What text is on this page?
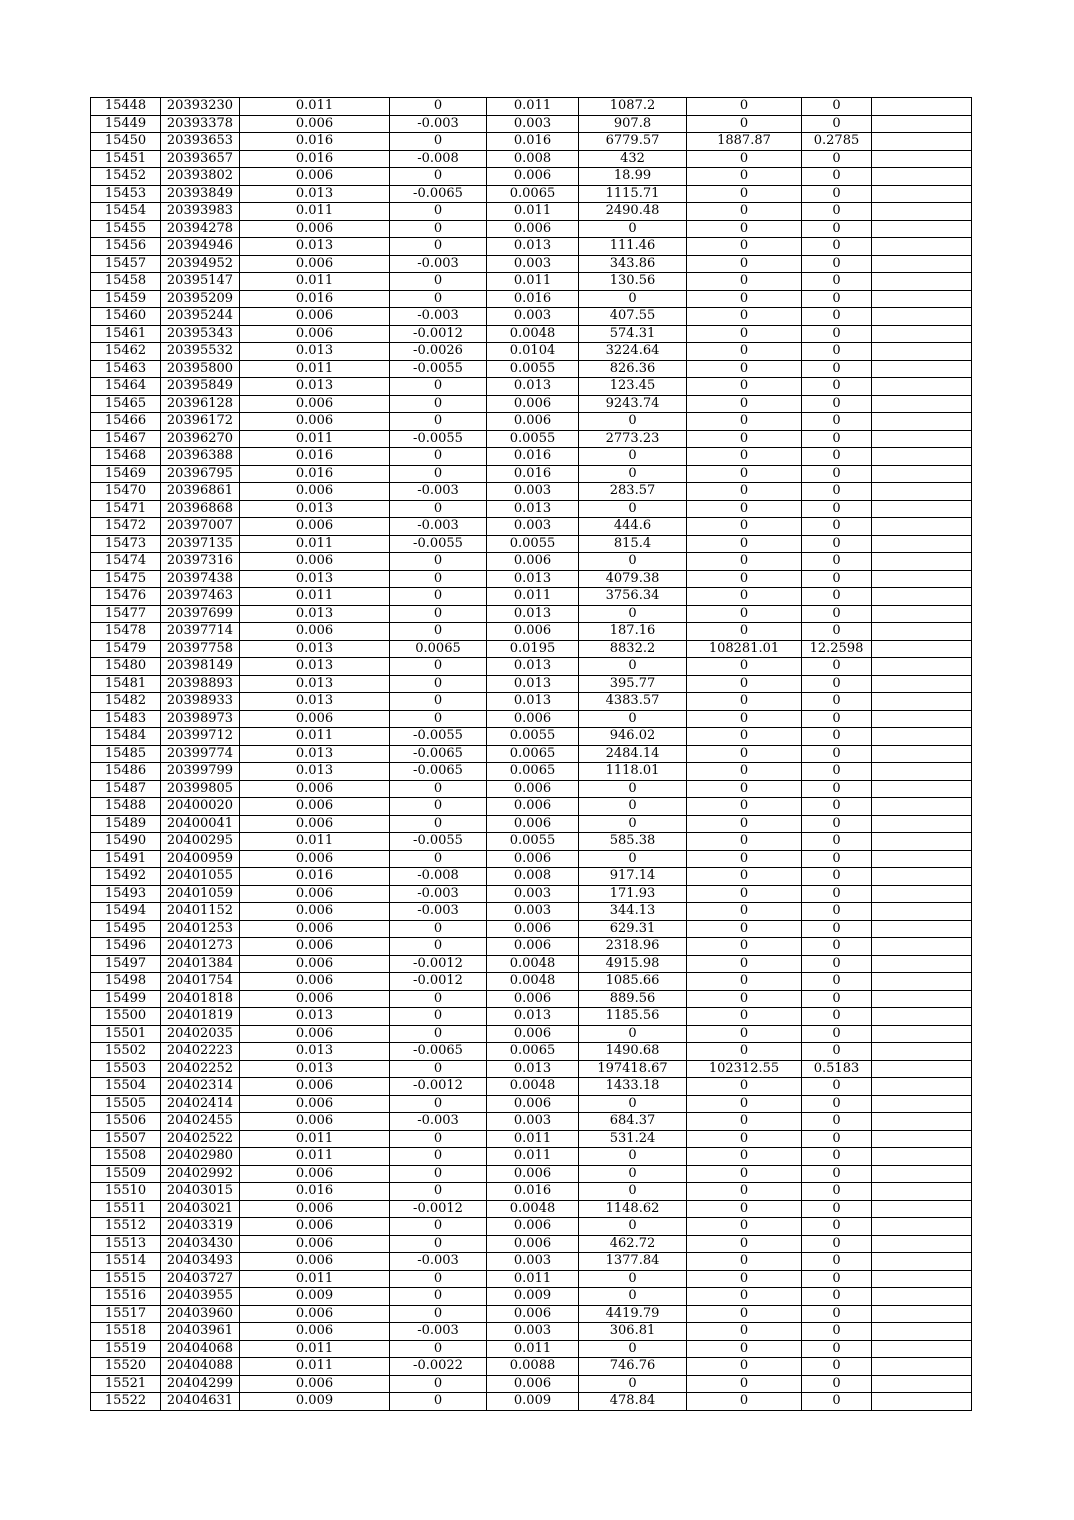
15448	20393230	0.011	0	0.011	1087.2	0	0	
15449	20393378	0.006	-0.003	0.003	907.8	0	0	
15450	20393653	0.016	0	0.016	6779.57	1887.87	0.2785	
15451	20393657	0.016	-0.008	0.008	432	0	0	
15452	20393802	0.006	0	0.006	18.99	0	0	
15453	20393849	0.013	-0.0065	0.0065	1115.71	0	0	
15454	20393983	0.011	0	0.011	2490.48	0	0	
15455	20394278	0.006	0	0.006	0	0	0	
15456	20394946	0.013	0	0.013	111.46	0	0	
15457	20394952	0.006	-0.003	0.003	343.86	0	0	
15458	20395147	0.011	0	0.011	130.56	0	0	
15459	20395209	0.016	0	0.016	0	0	0	
15460	20395244	0.006	-0.003	0.003	407.55	0	0	
15461	20395343	0.006	-0.0012	0.0048	574.31	0	0	
15462	20395532	0.013	-0.0026	0.0104	3224.64	0	0	
15463	20395800	0.011	-0.0055	0.0055	826.36	0	0	
15464	20395849	0.013	0	0.013	123.45	0	0	
15465	20396128	0.006	0	0.006	9243.74	0	0	
15466	20396172	0.006	0	0.006	0	0	0	
15467	20396270	0.011	-0.0055	0.0055	2773.23	0	0	
15468	20396388	0.016	0	0.016	0	0	0	
15469	20396795	0.016	0	0.016	0	0	0	
15470	20396861	0.006	-0.003	0.003	283.57	0	0	
15471	20396868	0.013	0	0.013	0	0	0	
15472	20397007	0.006	-0.003	0.003	444.6	0	0	
15473	20397135	0.011	-0.0055	0.0055	815.4	0	0	
15474	20397316	0.006	0	0.006	0	0	0	
15475	20397438	0.013	0	0.013	4079.38	0	0	
15476	20397463	0.011	0	0.011	3756.34	0	0	
15477	20397699	0.013	0	0.013	0	0	0	
15478	20397714	0.006	0	0.006	187.16	0	0	
15479	20397758	0.013	0.0065	0.0195	8832.2	108281.01	12.2598	
15480	20398149	0.013	0	0.013	0	0	0	
15481	20398893	0.013	0	0.013	395.77	0	0	
15482	20398933	0.013	0	0.013	4383.57	0	0	
15483	20398973	0.006	0	0.006	0	0	0	
15484	20399712	0.011	-0.0055	0.0055	946.02	0	0	
15485	20399774	0.013	-0.0065	0.0065	2484.14	0	0	
15486	20399799	0.013	-0.0065	0.0065	1118.01	0	0	
15487	20399805	0.006	0	0.006	0	0	0	
15488	20400020	0.006	0	0.006	0	0	0	
15489	20400041	0.006	0	0.006	0	0	0	
15490	20400295	0.011	-0.0055	0.0055	585.38	0	0	
15491	20400959	0.006	0	0.006	0	0	0	
15492	20401055	0.016	-0.008	0.008	917.14	0	0	
15493	20401059	0.006	-0.003	0.003	171.93	0	0	
15494	20401152	0.006	-0.003	0.003	344.13	0	0	
15495	20401253	0.006	0	0.006	629.31	0	0	
15496	20401273	0.006	0	0.006	2318.96	0	0	
15497	20401384	0.006	-0.0012	0.0048	4915.98	0	0	
15498	20401754	0.006	-0.0012	0.0048	1085.66	0	0	
15499	20401818	0.006	0	0.006	889.56	0	0	
15500	20401819	0.013	0	0.013	1185.56	0	0	
15501	20402035	0.006	0	0.006	0	0	0	
15502	20402223	0.013	-0.0065	0.0065	1490.68	0	0	
15503	20402252	0.013	0	0.013	197418.67	102312.55	0.5183	
15504	20402314	0.006	-0.0012	0.0048	1433.18	0	0	
15505	20402414	0.006	0	0.006	0	0	0	
15506	20402455	0.006	-0.003	0.003	684.37	0	0	
15507	20402522	0.011	0	0.011	531.24	0	0	
15508	20402980	0.011	0	0.011	0	0	0	
15509	20402992	0.006	0	0.006	0	0	0	
15510	20403015	0.016	0	0.016	0	0	0	
15511	20403021	0.006	-0.0012	0.0048	1148.62	0	0	
15512	20403319	0.006	0	0.006	0	0	0	
15513	20403430	0.006	0	0.006	462.72	0	0	
15514	20403493	0.006	-0.003	0.003	1377.84	0	0	
15515	20403727	0.011	0	0.011	0	0	0	
15516	20403955	0.009	0	0.009	0	0	0	
15517	20403960	0.006	0	0.006	4419.79	0	0	
15518	20403961	0.006	-0.003	0.003	306.81	0	0	
15519	20404068	0.011	0	0.011	0	0	0	
15520	20404088	0.011	-0.0022	0.0088	746.76	0	0	
15521	20404299	0.006	0	0.006	0	0	0	
15522	20404631	0.009	0	0.009	478.84	0	0	
